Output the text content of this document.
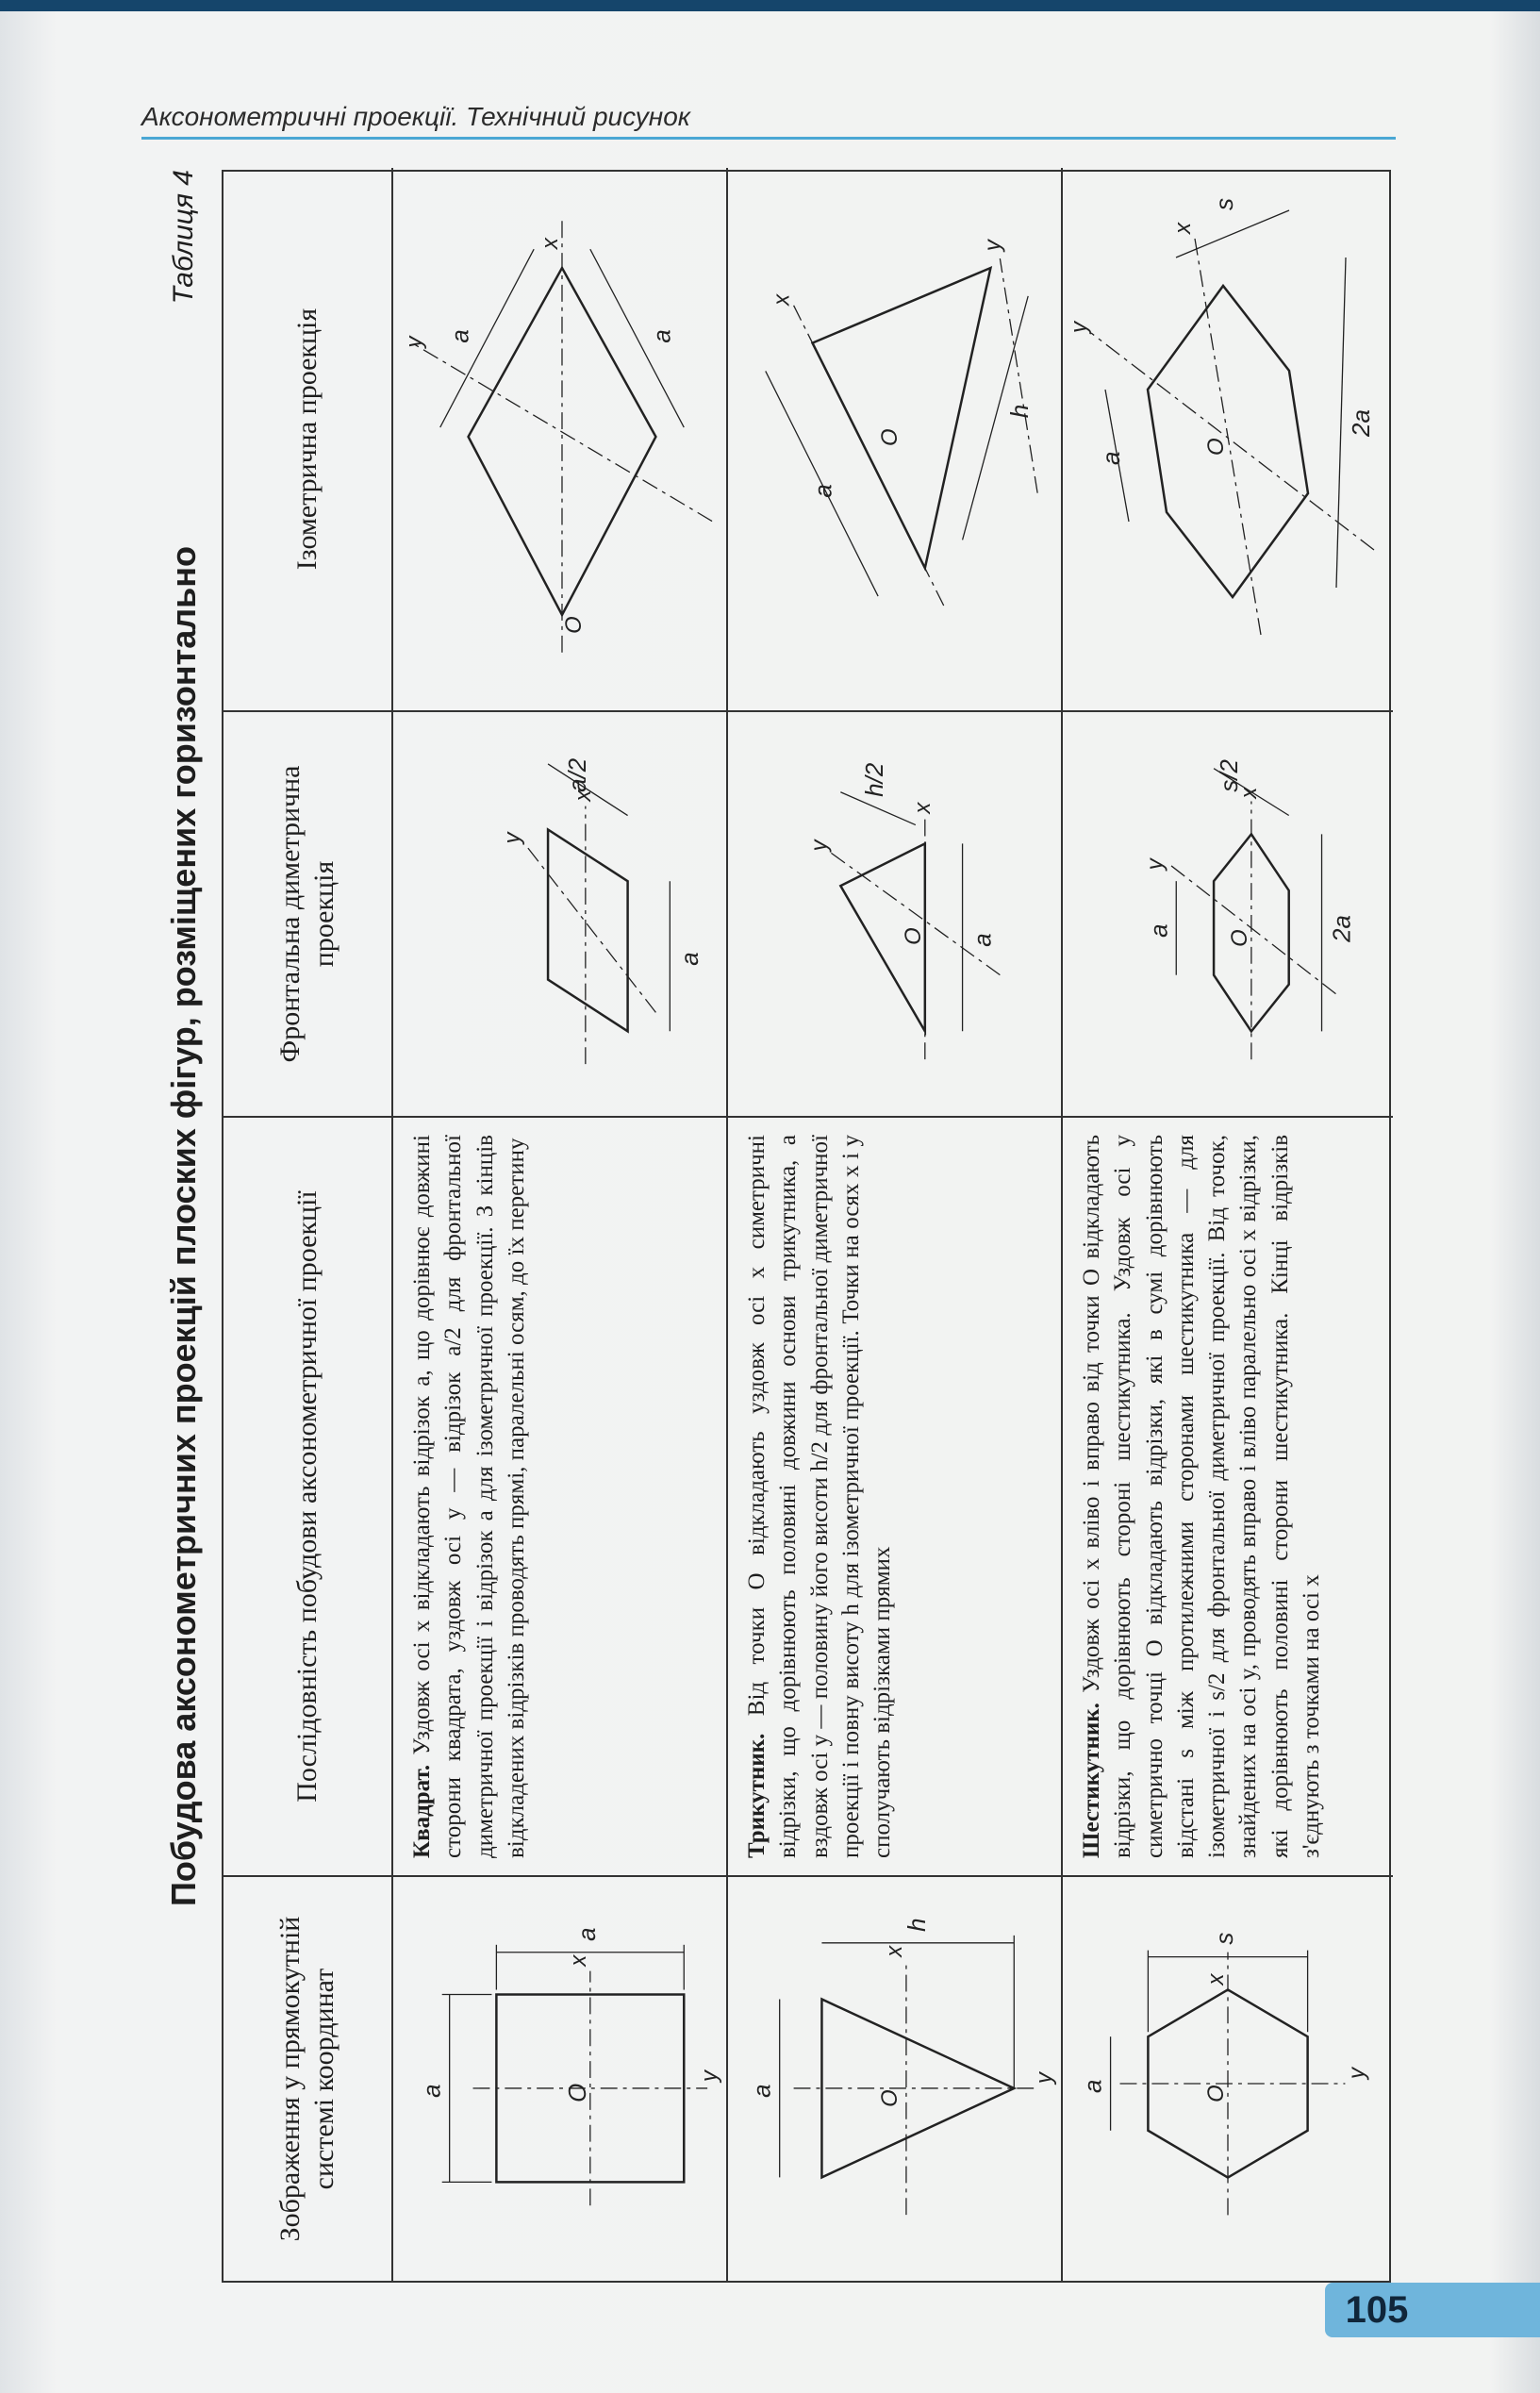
Аксонометричні проекції. Технічний рисунок
Побудова аксонометричних проекцій плоских фігур, розміщених горизонтально
Таблиця 4
Зображення у прямокутній системі координат
Послідовність побудови аксонометричної проекції
Фронтальна диметрична проекція
Ізометрична проекція
a
a
x
y
O
Квадрат. Уздовж осі x відкладають відрізок a, що дорівнює довжині сторони квадрата, уздовж осі y — відрізок a/2 для фронтальної диметричної проекції і відрізок a для ізометричної проекції. З кінців відкладених відрізків проводять прямі, паралельні осям, до їх перетину
a
a/2
x
y
a	a
x
y
O
a
h
x
y
O
Трикутник. Від точки O відкладають уздовж осі x симетричні відрізки, що дорівнюють половині довжини основи трикутника, а вздовж осі y — половину його висоти h/2 для фронтальної диметричної проекції і повну висоту h для ізометричної проекції. Точки на осях x і y сполучають відрізками прямих
a
h/2
x
y
O
a
h
x
y
O
a
s
x
y
O
Шестикутник. Уздовж осі x вліво і вправо від точки O відкладають відрізки, що дорівнюють стороні шестикутника. Уздовж осі y симетрично точці O відкладають відрізки, які в сумі дорівнюють відстані s між протилежними сторонами шестикутника — для ізометричної і s/2 для фронтальної диметричної проекції. Від точок, знайдених на осі y, проводять вправо і вліво паралельно осі x відрізки, які дорівнюють половині сторони шестикутника. Кінці відрізків з'єднують з точками на осі x
a	2a
s/2
x
y
O
a
2a
s
x
y
O
105
